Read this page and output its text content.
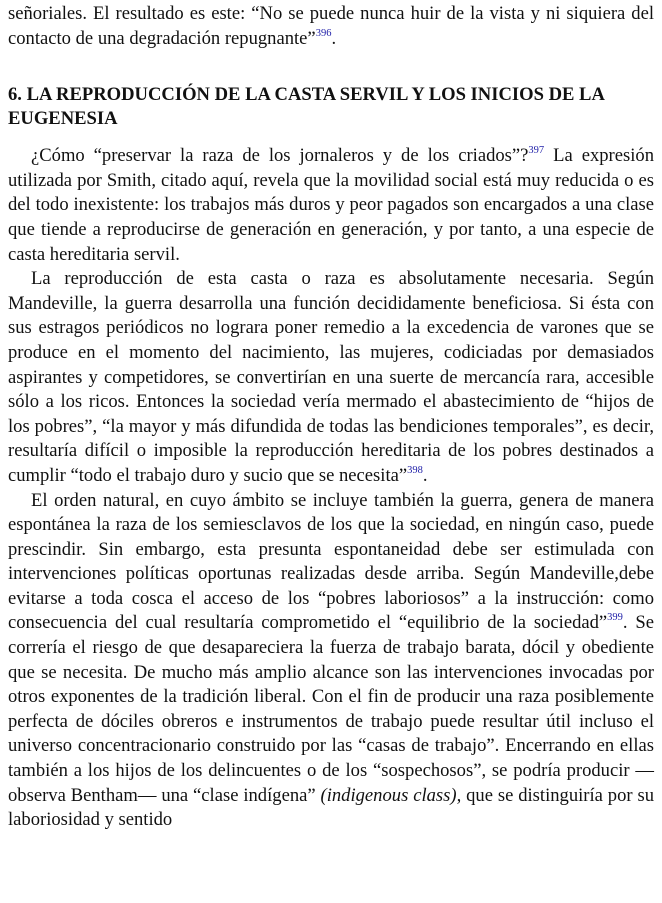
señoriales. El resultado es este: “No se puede nunca huir de la vista y ni siquiera del contacto de una degradación repugnante”$^{396}$.

6. LA REPRODUCCIÓN DE LA CASTA SERVIL Y LOS INICIOS DE LA EUGENESIA

¿Cómo “preservar la raza de los jornaleros y de los criados”?$^{397}$ La expresión utilizada por Smith, citado aquí, revela que la movilidad social está muy reducida o es del todo inexistente: los trabajos más duros y peor pagados son encargados a una clase que tiende a reproducirse de generación en generación, y por tanto, a una especie de casta hereditaria servil.

La reproducción de esta casta o raza es absolutamente necesaria. Según Mandeville, la guerra desarrolla una función decididamente beneficiosa. Si ésta con sus estragos periódicos no lograra poner remedio a la excedencia de varones que se produce en el momento del nacimiento, las mujeres, codiciadas por demasiados aspirantes y competidores, se convertirían en una suerte de mercancía rara, accesible sólo a los ricos. Entonces la sociedad vería mermado el abastecimiento de “hijos de los pobres”, “la mayor y más difundida de todas las bendiciones temporales”, es decir, resultaría difícil o imposible la reproducción hereditaria de los pobres destinados a cumplir “todo el trabajo duro y sucio que se necesita”$^{398}$.

El orden natural, en cuyo ámbito se incluye también la guerra, genera de manera espontánea la raza de los semiesclavos de los que la sociedad, en ningún caso, puede prescindir. Sin embargo, esta presunta espontaneidad debe ser estimulada con intervenciones políticas oportunas realizadas desde arriba. Según Mandeville,debe evitarse a toda cosca el acceso de los “pobres laboriosos” a la instrucción: como consecuencia del cual resultaría comprometido el “equilibrio de la sociedad”$^{399}$. Se correría el riesgo de que desapareciera la fuerza de trabajo barata, dócil y obediente que se necesita. De mucho más amplio alcance son las intervenciones invocadas por otros exponentes de la tradición liberal. Con el fin de producir una raza posiblemente perfecta de dóciles obreros e instrumentos de trabajo puede resultar útil incluso el universo concentracionario construido por las “casas de trabajo”. Encerrando en ellas también a los hijos de los delincuentes o de los “sospechosos”, se podría producir —observa Bentham— una “clase indígena” (indigenous class), que se distinguiría por su laboriosidad y sentido
